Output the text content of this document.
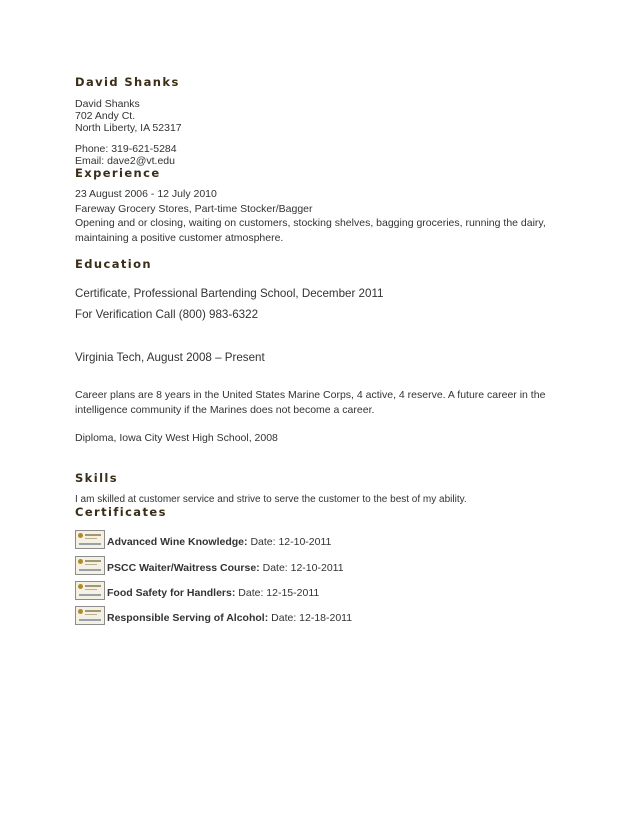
David Shanks
David Shanks
702 Andy Ct.
North Liberty, IA 52317
Phone: 319-621-5284
Email: dave2@vt.edu
Experience
23 August 2006 - 12 July 2010
Fareway Grocery Stores, Part-time Stocker/Bagger
Opening and or closing, waiting on customers, stocking shelves, bagging groceries, running the dairy,
maintaining a positive customer atmosphere.
Education
Certificate, Professional Bartending School, December 2011
For Verification Call (800) 983-6322
Virginia Tech, August 2008 – Present
Career plans are 8 years in the United States Marine Corps, 4 active, 4 reserve. A future career in the
intelligence community if the Marines does not become a career.
Diploma, Iowa City West High School, 2008
Skills
I am skilled at customer service and strive to serve the customer to the best of my ability.
Certificates
Advanced Wine Knowledge: Date: 12-10-2011
PSCC Waiter/Waitress Course: Date: 12-10-2011
Food Safety for Handlers: Date: 12-15-2011
Responsible Serving of Alcohol: Date: 12-18-2011
